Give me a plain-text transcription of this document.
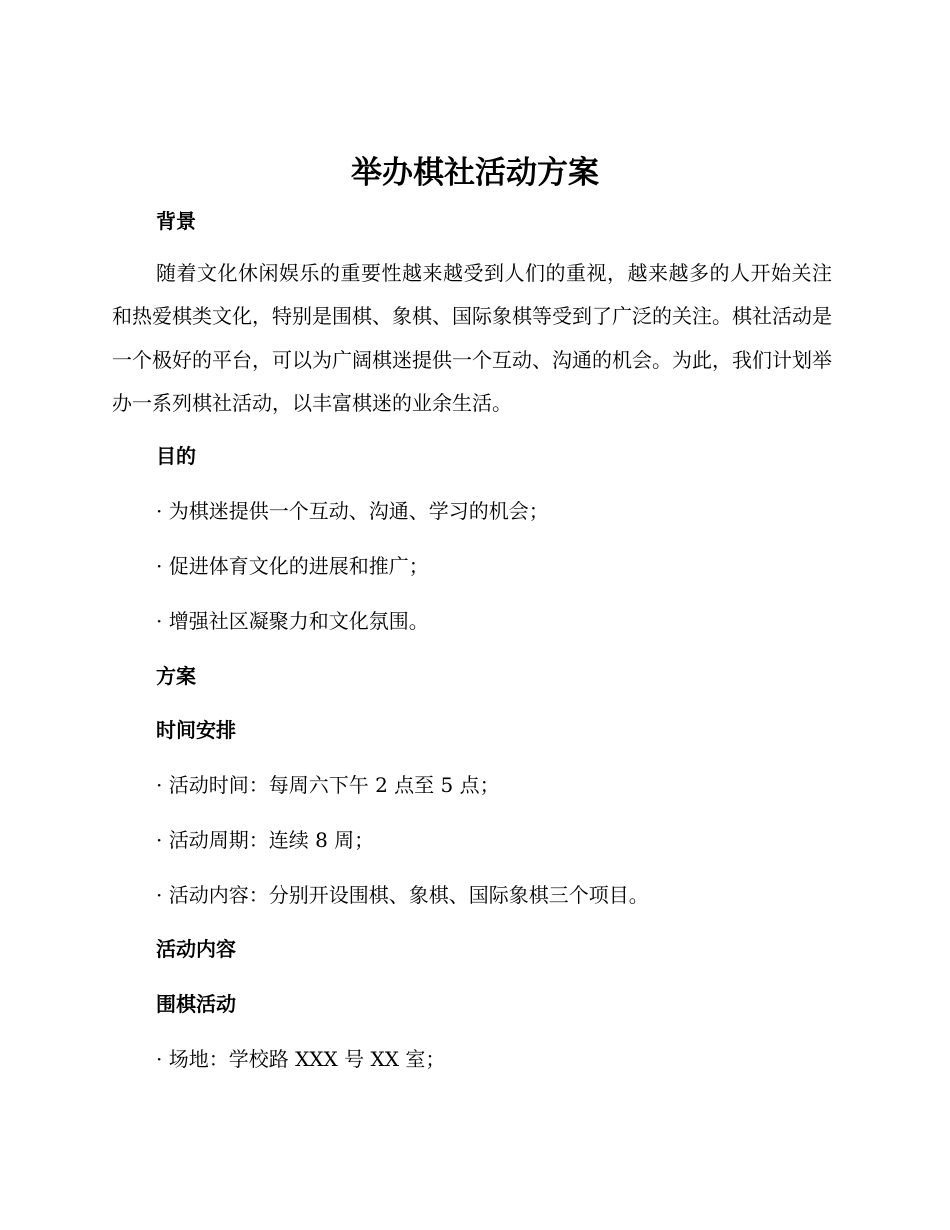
举办棋社活动方案
背景
随着文化休闲娱乐的重要性越来越受到人们的重视，越来越多的人开始关注和热爱棋类文化，特别是围棋、象棋、国际象棋等受到了广泛的关注。棋社活动是一个极好的平台，可以为广阔棋迷提供一个互动、沟通的机会。为此，我们计划举办一系列棋社活动，以丰富棋迷的业余生活。
目的
· 为棋迷提供一个互动、沟通、学习的机会；
· 促进体育文化的进展和推广；
· 增强社区凝聚力和文化氛围。
方案
时间安排
· 活动时间：每周六下午 2 点至 5 点；
· 活动周期：连续 8 周；
· 活动内容：分别开设围棋、象棋、国际象棋三个项目。
活动内容
围棋活动
· 场地：学校路 XXX 号 XX 室；
